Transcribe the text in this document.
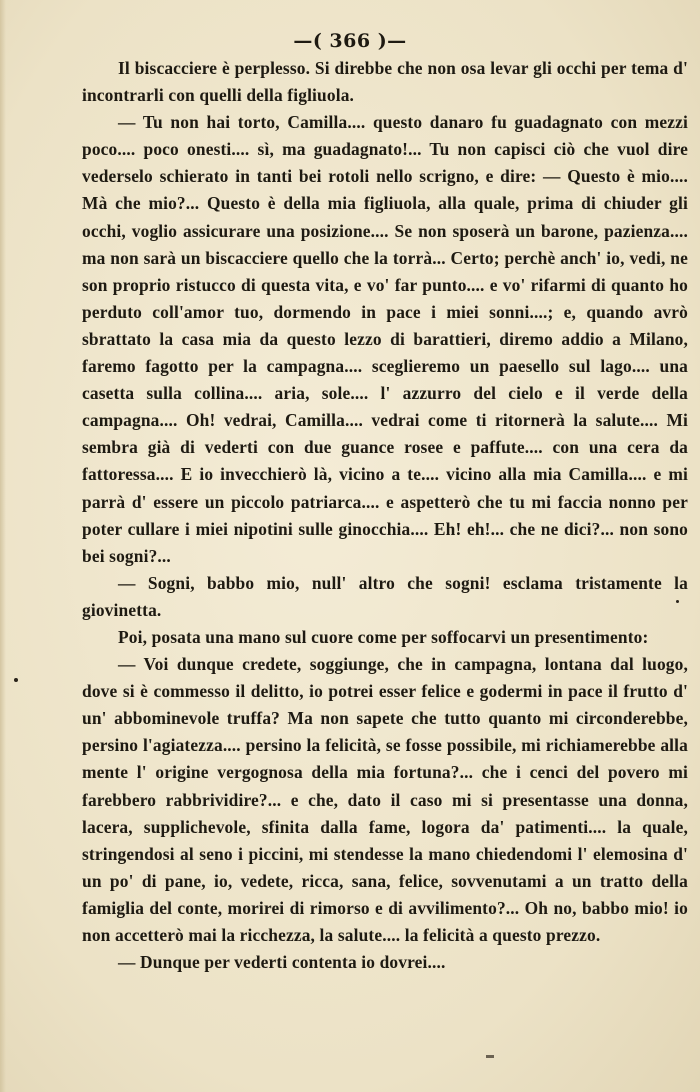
—( 366 )—

Il biscacciere è perplesso. Si direbbe che non osa levar gli occhi per tema d' incontrarli con quelli della figliuola.

— Tu non hai torto, Camilla.... questo danaro fu guadagnato con mezzi poco.... poco onesti.... sì, ma guadagnato!... Tu non capisci ciò che vuol dire vederselo schierato in tanti bei rotoli nello scrigno, e dire: — Questo è mio.... Mà che mio?... Questo è della mia figliuola, alla quale, prima di chiuder gli occhi, voglio assicurare una posizione.... Se non sposerà un barone, pazienza.... ma non sarà un biscacciere quello che la torrà... Certo; perchè anch' io, vedi, ne son proprio ristucco di questa vita, e vo' far punto.... e vo' rifarmi di quanto ho perduto coll'amor tuo, dormendo in pace i miei sonni....; e, quando avrò sbrattato la casa mia da questo lezzo di barattieri, diremo addio a Milano, faremo fagotto per la campagna.... sceglieremo un paesello sul lago.... una casetta sulla collina.... aria, sole.... l' azzurro del cielo e il verde della campagna.... Oh! vedrai, Camilla.... vedrai come ti ritornerà la salute.... Mi sembra già di vederti con due guance rosee e paffute.... con una cera da fattoressa.... E io invecchierò là, vicino a te.... vicino alla mia Camilla.... e mi parrà d' essere un piccolo patriarca.... e aspetterò che tu mi faccia nonno per poter cullare i miei nipotini sulle ginocchia.... Eh! eh!... che ne dici?... non sono bei sogni?...

— Sogni, babbo mio, null' altro che sogni! esclama tristamente la giovinetta.

Poi, posata una mano sul cuore come per soffocarvi un presentimento:

— Voi dunque credete, soggiunge, che in campagna, lontana dal luogo, dove si è commesso il delitto, io potrei esser felice e godermi in pace il frutto d' un' abbominevole truffa? Ma non sapete che tutto quanto mi circonderebbe, persino l'agiatezza.... persino la felicità, se fosse possibile, mi richiamerebbe alla mente l' origine vergognosa della mia fortuna?... che i cenci del povero mi farebbero rabbrividire?... e che, dato il caso mi si presentasse una donna, lacera, supplichevole, sfinita dalla fame, logora da' patimenti.... la quale, stringendosi al seno i piccini, mi stendesse la mano chiedendomi l' elemosina d' un po' di pane, io, vedete, ricca, sana, felice, sovvenutami a un tratto della famiglia del conte, morirei di rimorso e di avvilimento?... Oh no, babbo mio! io non accetterò mai la ricchezza, la salute.... la felicità a questo prezzo.

— Dunque per vederti contenta io dovrei....
